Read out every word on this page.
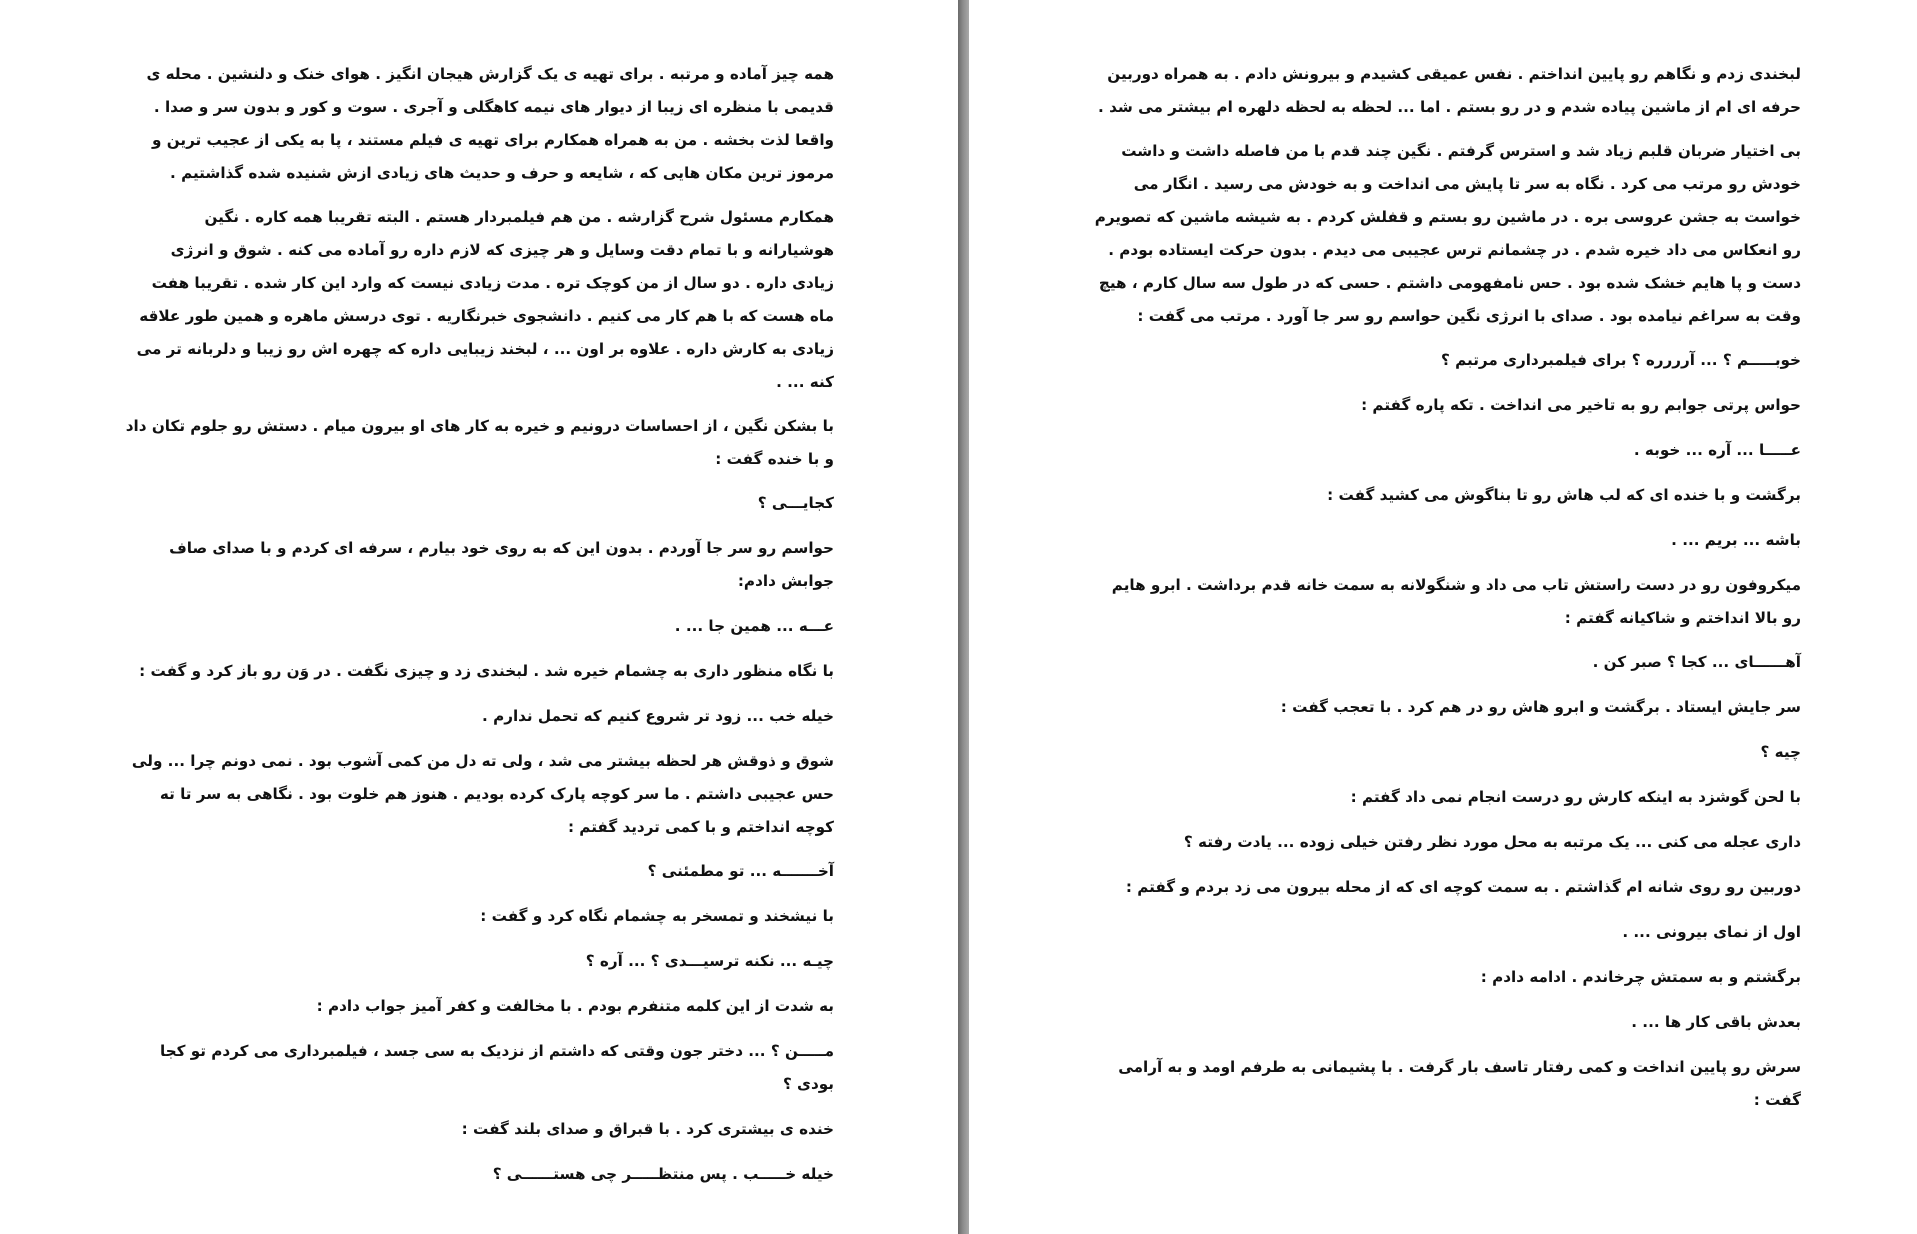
همه چیز آماده و مرتبه . برای تهیه ی یک گزارش هیجان انگیز . هوای خنک و دلنشین . محله ی قدیمی با منظره ای زیبا از دیوار های نیمه کاهگلی و آجری . سوت و کور و بدون سر و صدا . واقعا لذت بخشه . من به همراه همکارم برای تهیه ی فیلم مستند ، پا به یکی از عجیب ترین و مرموز ترین مکان هایی که ، شایعه و حرف و حدیث های زیادی ازش شنیده شده گذاشتیم .

همکارم مسئول شرح گزارشه . من هم فیلمبردار هستم . البته تقریبا همه کاره . نگین هوشیارانه و با تمام دقت وسایل و هر چیزی که لازم داره رو آماده می کنه . شوق و انرژی زیادی داره . دو سال از من کوچک تره . مدت زیادی نیست که وارد این کار شده . تقریبا هفت ماه هست که با هم کار می کنیم . دانشجوی خبرنگاریه . توی درسش ماهره و همین طور علاقه زیادی به کارش داره . علاوه بر اون ... ، لبخند زیبایی داره که چهره اش رو زیبا و دلربانه تر می کنه ... .

با بشکن نگین ، از احساسات درونیم و خیره به کار های او بیرون میام . دستش رو جلوم تکان داد و با خنده گفت :

کجایـــی ؟

حواسم رو سر جا آوردم . بدون این که به روی خود بیارم ، سرفه ای کردم و با صدای صاف جوابش دادم:

عـــه ... همین جا ... .

با نگاه منظور داری به چشمام خیره شد . لبخندی زد و چیزی نگفت . در وَن رو باز کرد و گفت :

خیله خب ... زود تر شروع کنیم که تحمل ندارم .

شوق و ذوقش هر لحظه بیشتر می شد ، ولی ته دل من کمی آشوب بود . نمی دونم چرا ... ولی حس عجیبی داشتم . ما سر کوچه پارک کرده بودیم . هنوز هم خلوت بود . نگاهی به سر تا ته کوچه انداختم و با کمی تردید گفتم :

آخـــــــه ... تو مطمئنی ؟

با نیشخند و تمسخر به چشمام نگاه کرد و گفت :

چیـه ... نکنه ترسیـــدی ؟ ... آره ؟

به شدت از این کلمه متنفرم بودم . با مخالفت و کفر آمیز جواب دادم :

مـــــن ؟ ... دختر جون وقتی که داشتم از نزدیک به سی جسد ، فیلمبرداری می کردم تو کجا بودی ؟

خنده ی بیشتری کرد . با قبراق و صدای بلند گفت :

خیله خـــــب . پس منتظـــــر چی هستــــــی ؟

لبخندی زدم و نگاهم رو پایین انداختم . نفس عمیقی کشیدم و بیرونش دادم . به همراه دوربین حرفه ای ام از ماشین پیاده شدم و در رو بستم . اما ... لحظه به لحظه دلهره ام بیشتر می شد .

بی اختیار ضربان قلبم زیاد شد و استرس گرفتم . نگین چند قدم با من فاصله داشت و داشت خودش رو مرتب می کرد . نگاه به سر تا پایش می انداخت و به خودش می رسید . انگار می خواست به جشن عروسی بره . در ماشین رو بستم و قفلش کردم . به شیشه ماشین که تصویرم رو انعکاس می داد خیره شدم . در چشمانم ترس عجیبی می دیدم . بدون حرکت ایستاده بودم . دست و پا هایم خشک شده بود . حس نامفهومی داشتم . حسی که در طول سه سال کارم ، هیچ وقت به سراغم نیامده بود . صدای با انرژی نگین حواسم رو سر جا آورد . مرتب می گفت :

خوبـــــم ؟ ... آرررره ؟ برای فیلمبرداری مرتبم ؟

حواس پرتی جوابم رو به تاخیر می انداخت . تکه پاره گفتم :

عـــــا ... آره ... خوبه .

برگشت و با خنده ای که لب هاش رو تا بناگوش می کشید گفت :

باشه ... بریم ... .

میکروفون رو در دست راستش تاب می داد و شنگولانه به سمت خانه قدم برداشت . ابرو هایم رو بالا انداختم و شاکیانه گفتم :

آهــــــای ... کجا ؟ صبر کن .

سر جایش ایستاد . برگشت و ابرو هاش رو در هم کرد . با تعجب گفت :

چیه ؟

با لحن گوشزد به اینکه کارش رو درست انجام نمی داد گفتم :

داری عجله می کنی ... یک مرتبه به محل مورد نظر رفتن خیلی زوده ... یادت رفته ؟

دوربین رو روی شانه ام گذاشتم . به سمت کوچه ای که از محله بیرون می زد بردم و گفتم :

اول از نمای بیرونی ... .

برگشتم و به سمتش چرخاندم . ادامه دادم :

بعدش باقی کار ها ... .

سرش رو پایین انداخت و کمی رفتار تاسف بار گرفت . با پشیمانی به طرفم اومد و به آرامی گفت :
